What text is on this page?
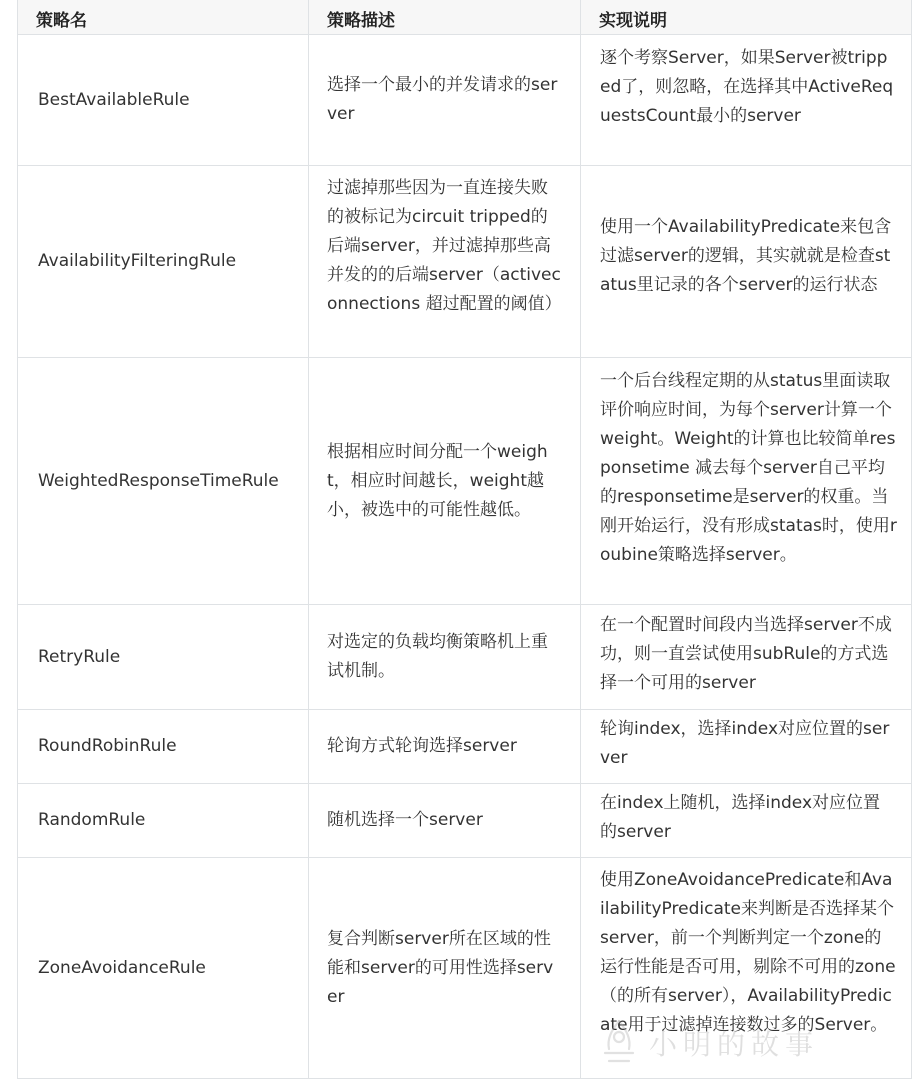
策略名	策略描述	实现说明
BestAvailableRule	选择一个最小的并发请求的server	逐个考察Server，如果Server被tripped了，则忽略，在选择其中ActiveRequestsCount最小的server
AvailabilityFilteringRule	过滤掉那些因为一直连接失败的被标记为circuit tripped的后端server，并过滤掉那些高并发的的后端server（activeconnections 超过配置的阈值）	使用一个AvailabilityPredicate来包含过滤server的逻辑，其实就就是检查status里记录的各个server的运行状态
WeightedResponseTimeRule	根据相应时间分配一个weight，相应时间越长，weight越小，被选中的可能性越低。	一个后台线程定期的从status里面读取评价响应时间，为每个server计算一个weight。Weight的计算也比较简单responsetime 减去每个server自己平均的responsetime是server的权重。当刚开始运行，没有形成statas时，使用roubine策略选择server。
RetryRule	对选定的负载均衡策略机上重试机制。	在一个配置时间段内当选择server不成功，则一直尝试使用subRule的方式选择一个可用的server
RoundRobinRule	轮询方式轮询选择server	轮询index，选择index对应位置的server
RandomRule	随机选择一个server	在index上随机，选择index对应位置的server
ZoneAvoidanceRule	复合判断server所在区域的性能和server的可用性选择server	使用ZoneAvoidancePredicate和AvailabilityPredicate来判断是否选择某个server，前一个判断判定一个zone的运行性能是否可用，剔除不可用的zone（的所有server），AvailabilityPredicate用于过滤掉连接数过多的Server。
小明的故事
